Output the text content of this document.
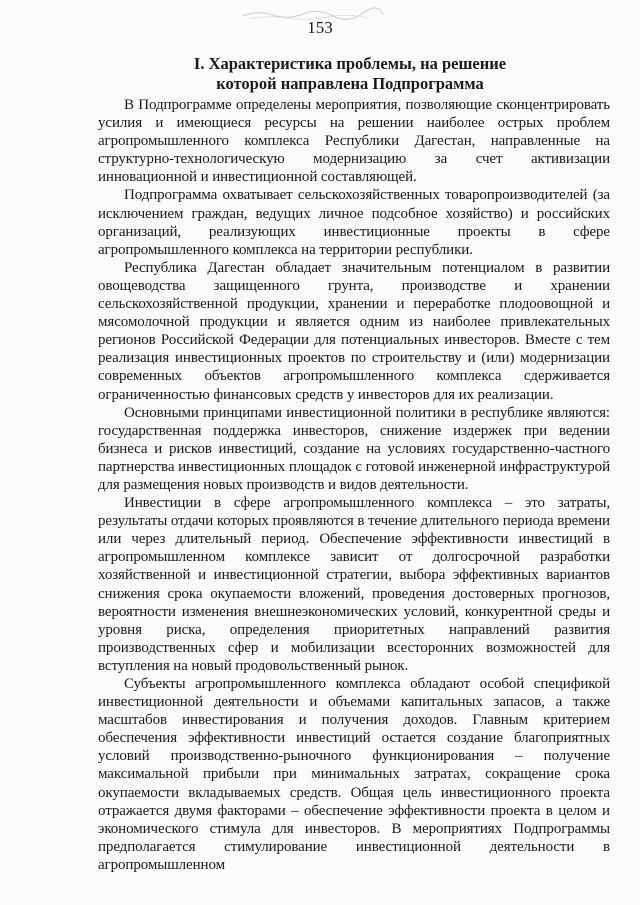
153
I. Характеристика проблемы, на решение
которой направлена Подпрограмма

В Подпрограмме определены мероприятия, позволяющие сконцентрировать усилия и имеющиеся ресурсы на решении наиболее острых проблем агропромышленного комплекса Республики Дагестан, направленные на структурно-технологическую модернизацию за счет активизации инновационной и инвестиционной составляющей.

Подпрограмма охватывает сельскохозяйственных товаропроизводителей (за исключением граждан, ведущих личное подсобное хозяйство) и российских организаций, реализующих инвестиционные проекты в сфере агропромышленного комплекса на территории республики.

Республика Дагестан обладает значительным потенциалом в развитии овощеводства защищенного грунта, производстве и хранении сельскохозяйственной продукции, хранении и переработке плодоовощной и мясомолочной продукции и является одним из наиболее привлекательных регионов Российской Федерации для потенциальных инвесторов. Вместе с тем реализация инвестиционных проектов по строительству и (или) модернизации современных объектов агропромышленного комплекса сдерживается ограниченностью финансовых средств у инвесторов для их реализации.

Основными принципами инвестиционной политики в республике являются: государственная поддержка инвесторов, снижение издержек при ведении бизнеса и рисков инвестиций, создание на условиях государственно-частного партнерства инвестиционных площадок с готовой инженерной инфраструктурой для размещения новых производств и видов деятельности.

Инвестиции в сфере агропромышленного комплекса – это затраты, результаты отдачи которых проявляются в течение длительного периода времени или через длительный период. Обеспечение эффективности инвестиций в агропромышленном комплексе зависит от долгосрочной разработки хозяйственной и инвестиционной стратегии, выбора эффективных вариантов снижения срока окупаемости вложений, проведения достоверных прогнозов, вероятности изменения внешнеэкономических условий, конкурентной среды и уровня риска, определения приоритетных направлений развития производственных сфер и мобилизации всесторонних возможностей для вступления на новый продовольственный рынок.

Субъекты агропромышленного комплекса обладают особой спецификой инвестиционной деятельности и объемами капитальных запасов, а также масштабов инвестирования и получения доходов. Главным критерием обеспечения эффективности инвестиций остается создание благоприятных условий производственно-рыночного функционирования – получение максимальной прибыли при минимальных затратах, сокращение срока окупаемости вкладываемых средств. Общая цель инвестиционного проекта отражается двумя факторами – обеспечение эффективности проекта в целом и экономического стимула для инвесторов. В мероприятиях Подпрограммы предполагается стимулирование инвестиционной деятельности в агропромышленном
